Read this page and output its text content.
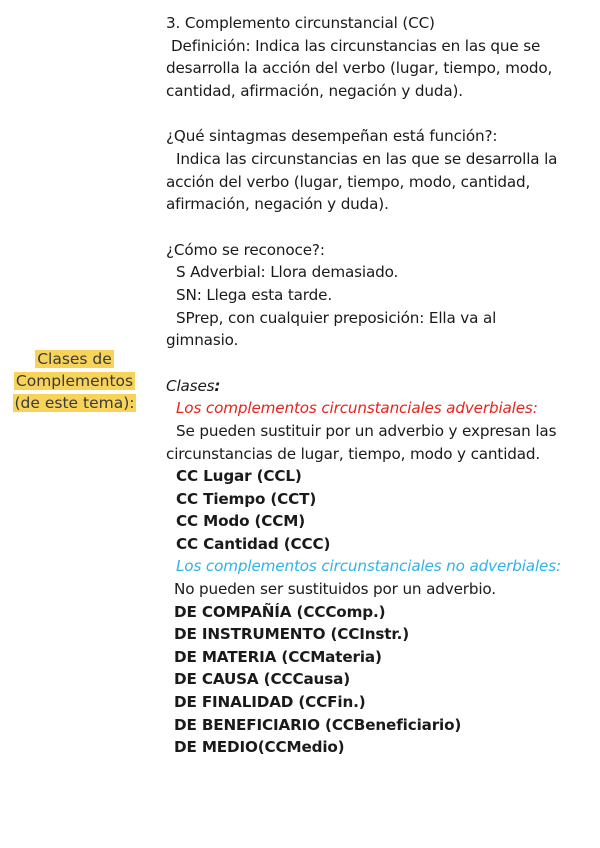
Clases de
Complementos
(de este tema):

3. Complemento circunstancial (CC)

Definición: Indica las circunstancias en las que se

desarrolla la acción del verbo (lugar, tiempo, modo,

cantidad, afirmación, negación y duda).

¿Qué sintagmas desempeñan está función?:

Indica las circunstancias en las que se desarrolla la

acción del verbo (lugar, tiempo, modo, cantidad,

afirmación, negación y duda).

¿Cómo se reconoce?:

S Adverbial: Llora demasiado.

SN: Llega esta tarde.

SPrep, con cualquier preposición: Ella va al

gimnasio.

Clases:

Los complementos circunstanciales adverbiales:

Se pueden sustituir por un adverbio y expresan las

circunstancias de lugar, tiempo, modo y cantidad.

CC Lugar (CCL)

CC Tiempo (CCT)

CC Modo (CCM)

CC Cantidad (CCC)

Los complementos circunstanciales no adverbiales:

No pueden ser sustituidos por un adverbio.

DE COMPAÑÍA (CCComp.)

DE INSTRUMENTO (CCInstr.)

DE MATERIA (CCMateria)

DE CAUSA (CCCausa)

DE FINALIDAD (CCFin.)

DE BENEFICIARIO (CCBeneficiario)

DE MEDIO(CCMedio)
